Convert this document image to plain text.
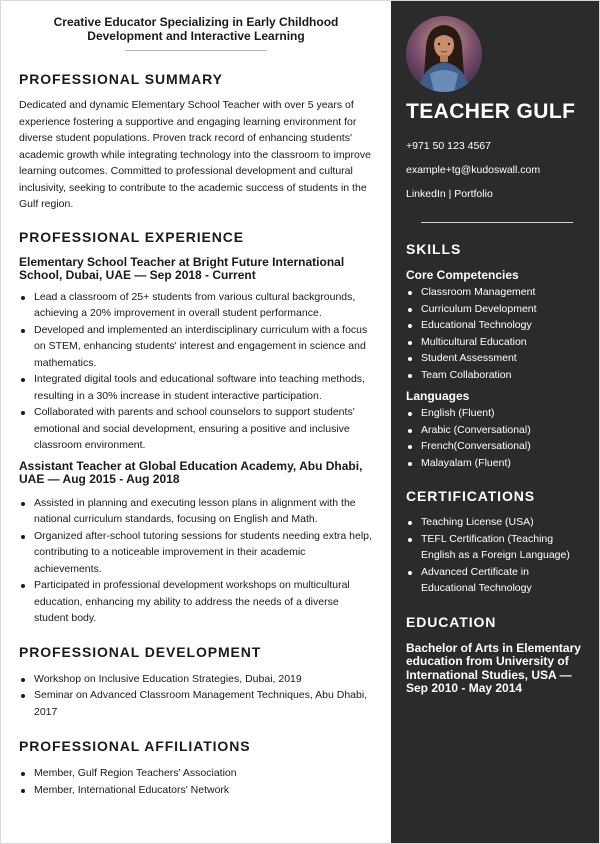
Creative Educator Specializing in Early Childhood Development and Interactive Learning
PROFESSIONAL SUMMARY

Dedicated and dynamic Elementary School Teacher with over 5 years of experience fostering a supportive and engaging learning environment for diverse student populations. Proven track record of enhancing students' academic growth while integrating technology into the classroom to improve learning outcomes. Committed to professional development and cultural inclusivity, seeking to contribute to the academic success of students in the Gulf region.

PROFESSIONAL EXPERIENCE
Elementary School Teacher at Bright Future International School, Dubai, UAE — Sep 2018 - Current
Lead a classroom of 25+ students from various cultural backgrounds, achieving a 20% improvement in overall student performance.
Developed and implemented an interdisciplinary curriculum with a focus on STEM, enhancing students' interest and engagement in science and mathematics.
Integrated digital tools and educational software into teaching methods, resulting in a 30% increase in student interactive participation.
Collaborated with parents and school counselors to support students' emotional and social development, ensuring a positive and inclusive classroom environment.
Assistant Teacher at Global Education Academy, Abu Dhabi, UAE — Aug 2015 - Aug 2018
Assisted in planning and executing lesson plans in alignment with the national curriculum standards, focusing on English and Math.
Organized after-school tutoring sessions for students needing extra help, contributing to a noticeable improvement in their academic achievements.
Participated in professional development workshops on multicultural education, enhancing my ability to address the needs of a diverse student body.
PROFESSIONAL DEVELOPMENT
Workshop on Inclusive Education Strategies, Dubai, 2019
Seminar on Advanced Classroom Management Techniques, Abu Dhabi, 2017
PROFESSIONAL AFFILIATIONS
Member, Gulf Region Teachers' Association
Member, International Educators' Network
TEACHER GULF
+971 50 123 4567
example+tg@kudoswall.com
LinkedIn | Portfolio
SKILLS
Core Competencies
Classroom Management
Curriculum Development
Educational Technology
Multicultural Education
Student Assessment
Team Collaboration
Languages
English (Fluent)
Arabic (Conversational)
French(Conversational)
Malayalam (Fluent)
CERTIFICATIONS
Teaching License (USA)
TEFL Certification (Teaching English as a Foreign Language)
Advanced Certificate in Educational Technology
EDUCATION
Bachelor of Arts in Elementary education from University of International Studies, USA — Sep 2010 - May 2014
